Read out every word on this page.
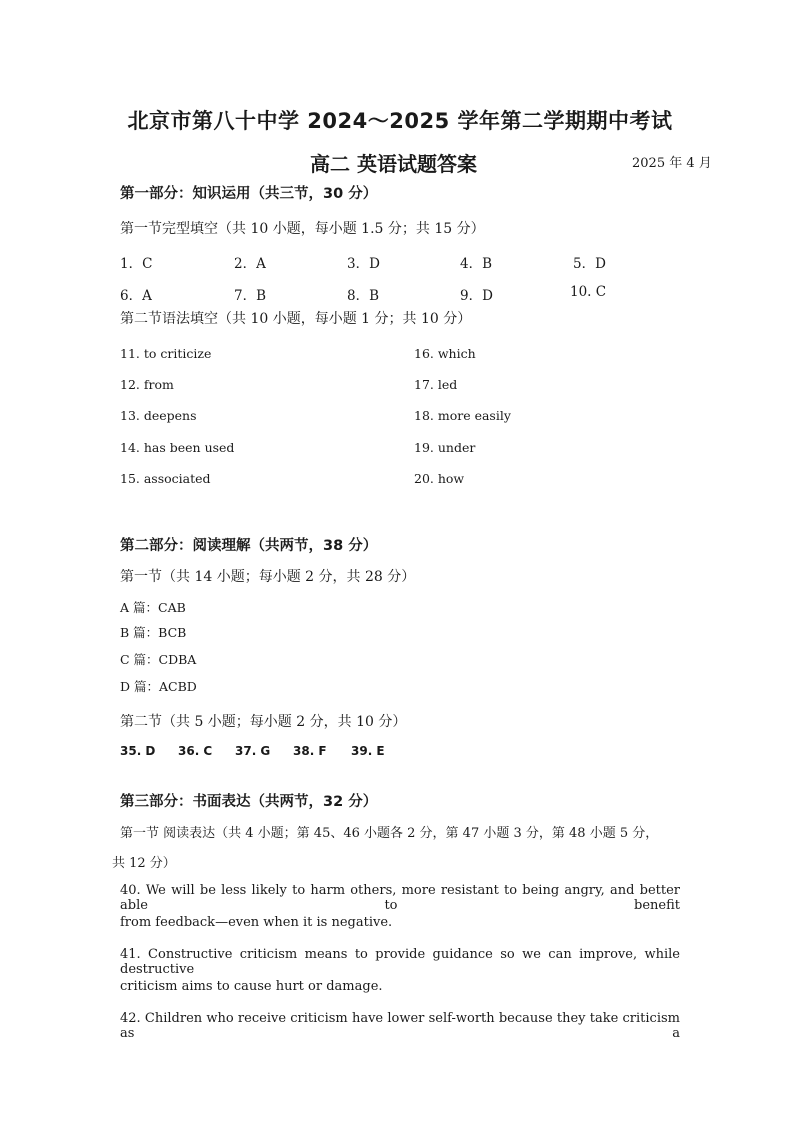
北京市第八十中学 2024～2025 学年第二学期期中考试
高二 英语试题答案	2025 年 4 月
第一部分：知识运用（共三节，30 分）
第一节完型填空（共 10 小题，每小题 1.5 分；共 15 分）
1．C	2．A	3．D	4．B	5．D
6．A	7．B	8．B	9．D	10. C
第二节语法填空（共 10 小题，每小题 1 分；共 10 分）
11. to criticize
12. from
13. deepens
14. has been used
15. associated
16. which
17. led
18. more easily
19. under
20. how
第二部分：阅读理解（共两节，38 分）
第一节（共 14 小题；每小题 2 分，共 28 分）
A 篇：CAB
B 篇：BCB
C 篇：CDBA
D 篇：ACBD
第二节（共 5 小题；每小题 2 分，共 10 分）
35. D 36. C 37. G 38. F 39. E
第三部分：书面表达（共两节，32 分）
第一节 阅读表达（共 4 小题；第 45、46 小题各 2 分，第 47 小题 3 分，第 48 小题 5 分，
共 12 分）
40. We will be less likely to harm others, more resistant to being angry, and better able to benefit
from feedback—even when it is negative.
41. Constructive criticism means to provide guidance so we can improve, while destructive
criticism aims to cause hurt or damage.
42. Children who receive criticism have lower self-worth because they take criticism as a
